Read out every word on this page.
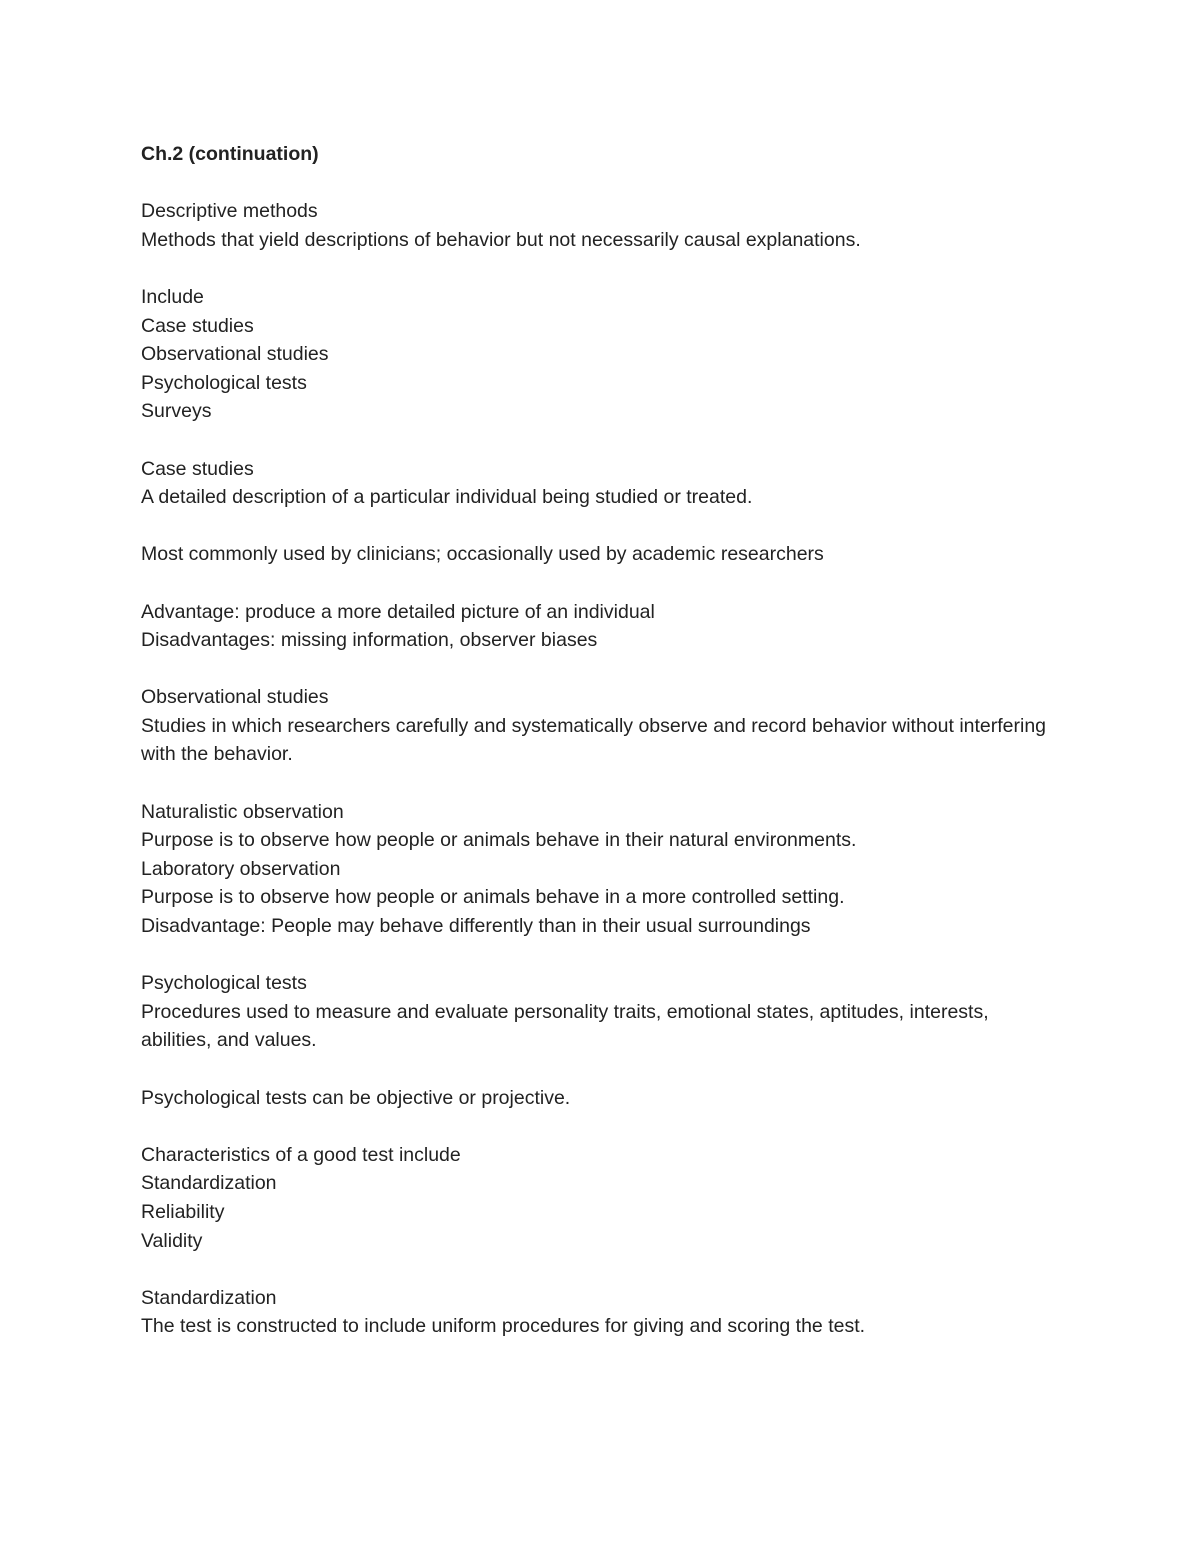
Ch.2 (continuation)

Descriptive methods

Methods that yield descriptions of behavior but not necessarily causal explanations.

Include

Case studies

Observational studies

Psychological tests

Surveys

Case studies

A detailed description of a particular individual being studied or treated.

Most commonly used by clinicians; occasionally used by academic researchers

Advantage: produce a more detailed picture of an individual

Disadvantages: missing information, observer biases

Observational studies

Studies in which researchers carefully and systematically observe and record behavior without interfering with the behavior.

Naturalistic observation

Purpose is to observe how people or animals behave in their natural environments.

Laboratory observation

Purpose is to observe how people or animals behave in a more controlled setting.

Disadvantage: People may behave differently than in their usual surroundings

Psychological tests

Procedures used to measure and evaluate personality traits, emotional states, aptitudes, interests, abilities, and values.

Psychological tests can be objective or projective.

Characteristics of a good test include

Standardization

Reliability

Validity

Standardization

The test is constructed to include uniform procedures for giving and scoring the test.
